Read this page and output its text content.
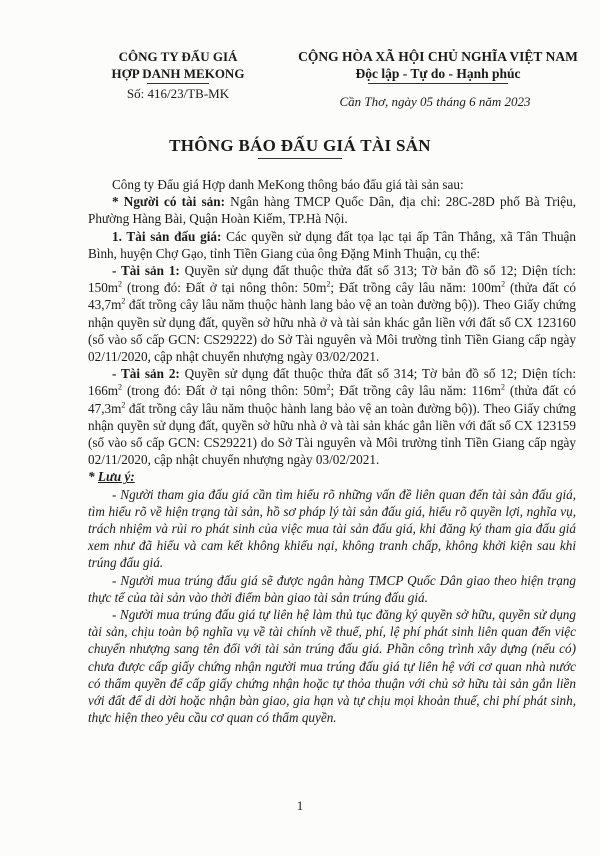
CÔNG TY ĐẤU GIÁ
HỢP DANH MEKONG
Số: 416/23/TB-MK
CỘNG HÒA XÃ HỘI CHỦ NGHĨA VIỆT NAM
Độc lập - Tự do - Hạnh phúc
Cần Thơ, ngày 05 tháng 6 năm 2023
THÔNG BÁO ĐẤU GIÁ TÀI SẢN

Công ty Đấu giá Hợp danh MeKong thông báo đấu giá tài sản sau:

* Người có tài sản: Ngân hàng TMCP Quốc Dân, địa chỉ: 28C-28D phố Bà Triệu, Phường Hàng Bài, Quận Hoàn Kiếm, TP.Hà Nội.

1. Tài sản đấu giá: Các quyền sử dụng đất tọa lạc tại ấp Tân Thắng, xã Tân Thuận Bình, huyện Chợ Gạo, tỉnh Tiền Giang của ông Đặng Minh Thuận, cụ thể:

- Tài sản 1: Quyền sử dụng đất thuộc thửa đất số 313; Tờ bản đồ số 12; Diện tích: $150m^2$ (trong đó: Đất ở tại nông thôn: $50m^2$; Đất trồng cây lâu năm: $100m^2$ (thửa đất có $43,7m^2$ đất trồng cây lâu năm thuộc hành lang bảo vệ an toàn đường bộ)). Theo Giấy chứng nhận quyền sử dụng đất, quyền sở hữu nhà ở và tài sản khác gắn liền với đất số CX 123160 (số vào sổ cấp GCN: CS29222) do Sở Tài nguyên và Môi trường tỉnh Tiền Giang cấp ngày 02/11/2020, cập nhật chuyển nhượng ngày 03/02/2021.

- Tài sản 2: Quyền sử dụng đất thuộc thửa đất số 314; Tờ bản đồ số 12; Diện tích: $166m^2$ (trong đó: Đất ở tại nông thôn: $50m^2$; Đất trồng cây lâu năm: $116m^2$ (thửa đất có $47,3m^2$ đất trồng cây lâu năm thuộc hành lang bảo vệ an toàn đường bộ)). Theo Giấy chứng nhận quyền sử dụng đất, quyền sở hữu nhà ở và tài sản khác gắn liền với đất số CX 123159 (số vào sổ cấp GCN: CS29221) do Sở Tài nguyên và Môi trường tỉnh Tiền Giang cấp ngày 02/11/2020, cập nhật chuyển nhượng ngày 03/02/2021.

* Lưu ý:

- Người tham gia đấu giá cần tìm hiểu rõ những vấn đề liên quan đến tài sản đấu giá, tìm hiểu rõ về hiện trạng tài sản, hồ sơ pháp lý tài sản đấu giá, hiểu rõ quyền lợi, nghĩa vụ, trách nhiệm và rủi ro phát sinh của việc mua tài sản đấu giá, khi đăng ký tham gia đấu giá xem như đã hiểu và cam kết không khiếu nại, không tranh chấp, không khởi kiện sau khi trúng đấu giá.

- Người mua trúng đấu giá sẽ được ngân hàng TMCP Quốc Dân giao theo hiện trạng thực tế của tài sản vào thời điểm bàn giao tài sản trúng đấu giá.

- Người mua trúng đấu giá tự liên hệ làm thủ tục đăng ký quyền sở hữu, quyền sử dụng tài sản, chịu toàn bộ nghĩa vụ về tài chính về thuế, phí, lệ phí phát sinh liên quan đến việc chuyển nhượng sang tên đối với tài sản trúng đấu giá. Phần công trình xây dựng (nếu có) chưa được cấp giấy chứng nhận người mua trúng đấu giá tự liên hệ với cơ quan nhà nước có thẩm quyền để cấp giấy chứng nhận hoặc tự thỏa thuận với chủ sở hữu tài sản gắn liền với đất để di dời hoặc nhận bàn giao, gia hạn và tự chịu mọi khoản thuế, chi phí phát sinh, thực hiện theo yêu cầu cơ quan có thẩm quyền.

1
